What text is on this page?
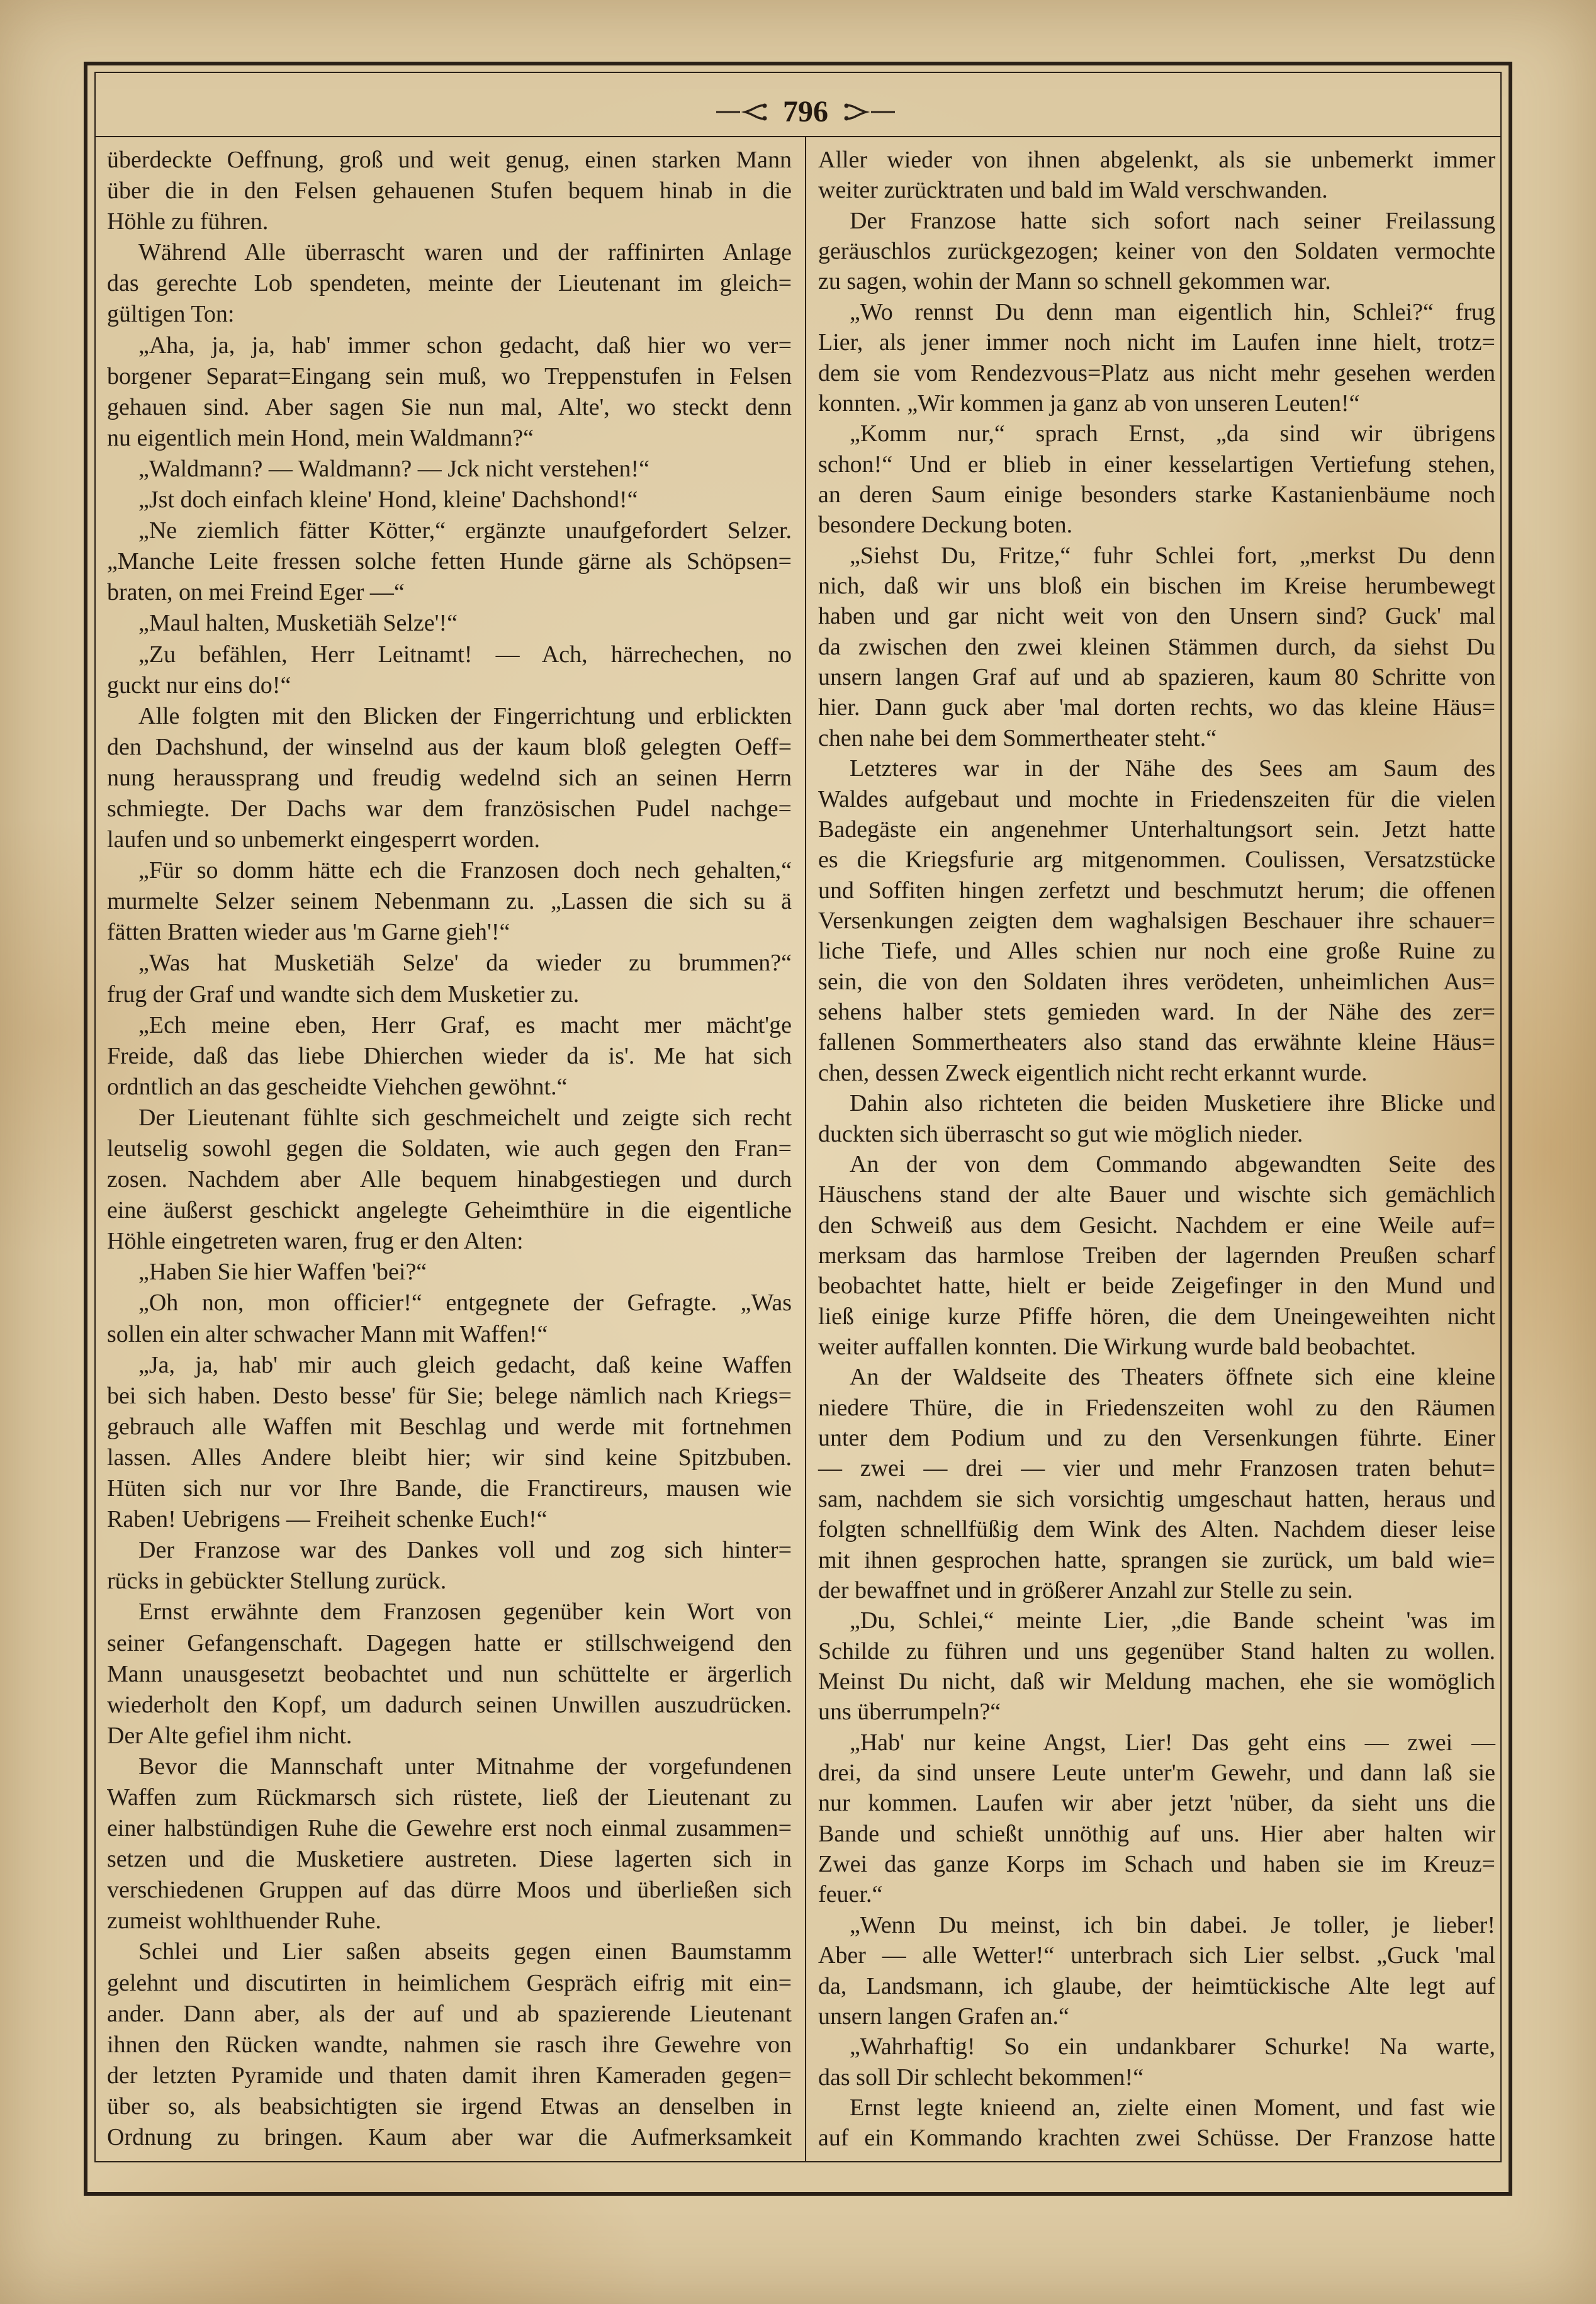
796
überdeckte Oeffnung, groß und weit genug, einen starken Mann
über die in den Felsen gehauenen Stufen bequem hinab in die
Höhle zu führen.
Während Alle überrascht waren und der raffinirten Anlage
das gerechte Lob spendeten, meinte der Lieutenant im gleich=
gültigen Ton:
„Aha, ja, ja, hab' immer schon gedacht, daß hier wo ver=
borgener Separat=Eingang sein muß, wo Treppenstufen in Felsen
gehauen sind. Aber sagen Sie nun mal, Alte', wo steckt denn
nu eigentlich mein Hond, mein Waldmann?“
„Waldmann? — Waldmann? — Jck nicht verstehen!“
„Jst doch einfach kleine' Hond, kleine' Dachshond!“
„Ne ziemlich fätter Kötter,“ ergänzte unaufgefordert Selzer.
„Manche Leite fressen solche fetten Hunde gärne als Schöpsen=
braten, on mei Freind Eger —“
„Maul halten, Musketiäh Selze'!“
„Zu befählen, Herr Leitnamt! — Ach, härrechechen, no
guckt nur eins do!“
Alle folgten mit den Blicken der Fingerrichtung und erblickten
den Dachshund, der winselnd aus der kaum bloß gelegten Oeff=
nung heraussprang und freudig wedelnd sich an seinen Herrn
schmiegte. Der Dachs war dem französischen Pudel nachge=
laufen und so unbemerkt eingesperrt worden.
„Für so domm hätte ech die Franzosen doch nech gehalten,“
murmelte Selzer seinem Nebenmann zu. „Lassen die sich su ä
fätten Bratten wieder aus 'm Garne gieh'!“
„Was hat Musketiäh Selze' da wieder zu brummen?“
frug der Graf und wandte sich dem Musketier zu.
„Ech meine eben, Herr Graf, es macht mer mächt'ge
Freide, daß das liebe Dhierchen wieder da is'. Me hat sich
ordntlich an das gescheidte Viehchen gewöhnt.“
Der Lieutenant fühlte sich geschmeichelt und zeigte sich recht
leutselig sowohl gegen die Soldaten, wie auch gegen den Fran=
zosen. Nachdem aber Alle bequem hinabgestiegen und durch
eine äußerst geschickt angelegte Geheimthüre in die eigentliche
Höhle eingetreten waren, frug er den Alten:
„Haben Sie hier Waffen 'bei?“
„Oh non, mon officier!“ entgegnete der Gefragte. „Was
sollen ein alter schwacher Mann mit Waffen!“
„Ja, ja, hab' mir auch gleich gedacht, daß keine Waffen
bei sich haben. Desto besse' für Sie; belege nämlich nach Kriegs=
gebrauch alle Waffen mit Beschlag und werde mit fortnehmen
lassen. Alles Andere bleibt hier; wir sind keine Spitzbuben.
Hüten sich nur vor Ihre Bande, die Franctireurs, mausen wie
Raben! Uebrigens — Freiheit schenke Euch!“
Der Franzose war des Dankes voll und zog sich hinter=
rücks in gebückter Stellung zurück.
Ernst erwähnte dem Franzosen gegenüber kein Wort von
seiner Gefangenschaft. Dagegen hatte er stillschweigend den
Mann unausgesetzt beobachtet und nun schüttelte er ärgerlich
wiederholt den Kopf, um dadurch seinen Unwillen auszudrücken.
Der Alte gefiel ihm nicht.
Bevor die Mannschaft unter Mitnahme der vorgefundenen
Waffen zum Rückmarsch sich rüstete, ließ der Lieutenant zu
einer halbstündigen Ruhe die Gewehre erst noch einmal zusammen=
setzen und die Musketiere austreten. Diese lagerten sich in
verschiedenen Gruppen auf das dürre Moos und überließen sich
zumeist wohlthuender Ruhe.
Schlei und Lier saßen abseits gegen einen Baumstamm
gelehnt und discutirten in heimlichem Gespräch eifrig mit ein=
ander. Dann aber, als der auf und ab spazierende Lieutenant
ihnen den Rücken wandte, nahmen sie rasch ihre Gewehre von
der letzten Pyramide und thaten damit ihren Kameraden gegen=
über so, als beabsichtigten sie irgend Etwas an denselben in
Ordnung zu bringen. Kaum aber war die Aufmerksamkeit
Aller wieder von ihnen abgelenkt, als sie unbemerkt immer
weiter zurücktraten und bald im Wald verschwanden.
Der Franzose hatte sich sofort nach seiner Freilassung
geräuschlos zurückgezogen; keiner von den Soldaten vermochte
zu sagen, wohin der Mann so schnell gekommen war.
„Wo rennst Du denn man eigentlich hin, Schlei?“ frug
Lier, als jener immer noch nicht im Laufen inne hielt, trotz=
dem sie vom Rendezvous=Platz aus nicht mehr gesehen werden
konnten. „Wir kommen ja ganz ab von unseren Leuten!“
„Komm nur,“ sprach Ernst, „da sind wir übrigens
schon!“ Und er blieb in einer kesselartigen Vertiefung stehen,
an deren Saum einige besonders starke Kastanienbäume noch
besondere Deckung boten.
„Siehst Du, Fritze,“ fuhr Schlei fort, „merkst Du denn
nich, daß wir uns bloß ein bischen im Kreise herumbewegt
haben und gar nicht weit von den Unsern sind? Guck' mal
da zwischen den zwei kleinen Stämmen durch, da siehst Du
unsern langen Graf auf und ab spazieren, kaum 80 Schritte von
hier. Dann guck aber 'mal dorten rechts, wo das kleine Häus=
chen nahe bei dem Sommertheater steht.“
Letzteres war in der Nähe des Sees am Saum des
Waldes aufgebaut und mochte in Friedenszeiten für die vielen
Badegäste ein angenehmer Unterhaltungsort sein. Jetzt hatte
es die Kriegsfurie arg mitgenommen. Coulissen, Versatzstücke
und Soffiten hingen zerfetzt und beschmutzt herum; die offenen
Versenkungen zeigten dem waghalsigen Beschauer ihre schauer=
liche Tiefe, und Alles schien nur noch eine große Ruine zu
sein, die von den Soldaten ihres verödeten, unheimlichen Aus=
sehens halber stets gemieden ward. In der Nähe des zer=
fallenen Sommertheaters also stand das erwähnte kleine Häus=
chen, dessen Zweck eigentlich nicht recht erkannt wurde.
Dahin also richteten die beiden Musketiere ihre Blicke und
duckten sich überrascht so gut wie möglich nieder.
An der von dem Commando abgewandten Seite des
Häuschens stand der alte Bauer und wischte sich gemächlich
den Schweiß aus dem Gesicht. Nachdem er eine Weile auf=
merksam das harmlose Treiben der lagernden Preußen scharf
beobachtet hatte, hielt er beide Zeigefinger in den Mund und
ließ einige kurze Pfiffe hören, die dem Uneingeweihten nicht
weiter auffallen konnten. Die Wirkung wurde bald beobachtet.
An der Waldseite des Theaters öffnete sich eine kleine
niedere Thüre, die in Friedenszeiten wohl zu den Räumen
unter dem Podium und zu den Versenkungen führte. Einer
— zwei — drei — vier und mehr Franzosen traten behut=
sam, nachdem sie sich vorsichtig umgeschaut hatten, heraus und
folgten schnellfüßig dem Wink des Alten. Nachdem dieser leise
mit ihnen gesprochen hatte, sprangen sie zurück, um bald wie=
der bewaffnet und in größerer Anzahl zur Stelle zu sein.
„Du, Schlei,“ meinte Lier, „die Bande scheint 'was im
Schilde zu führen und uns gegenüber Stand halten zu wollen.
Meinst Du nicht, daß wir Meldung machen, ehe sie womöglich
uns überrumpeln?“
„Hab' nur keine Angst, Lier! Das geht eins — zwei —
drei, da sind unsere Leute unter'm Gewehr, und dann laß sie
nur kommen. Laufen wir aber jetzt 'nüber, da sieht uns die
Bande und schießt unnöthig auf uns. Hier aber halten wir
Zwei das ganze Korps im Schach und haben sie im Kreuz=
feuer.“
„Wenn Du meinst, ich bin dabei. Je toller, je lieber!
Aber — alle Wetter!“ unterbrach sich Lier selbst. „Guck 'mal
da, Landsmann, ich glaube, der heimtückische Alte legt auf
unsern langen Grafen an.“
„Wahrhaftig! So ein undankbarer Schurke! Na warte,
das soll Dir schlecht bekommen!“
Ernst legte knieend an, zielte einen Moment, und fast wie
auf ein Kommando krachten zwei Schüsse. Der Franzose hatte
